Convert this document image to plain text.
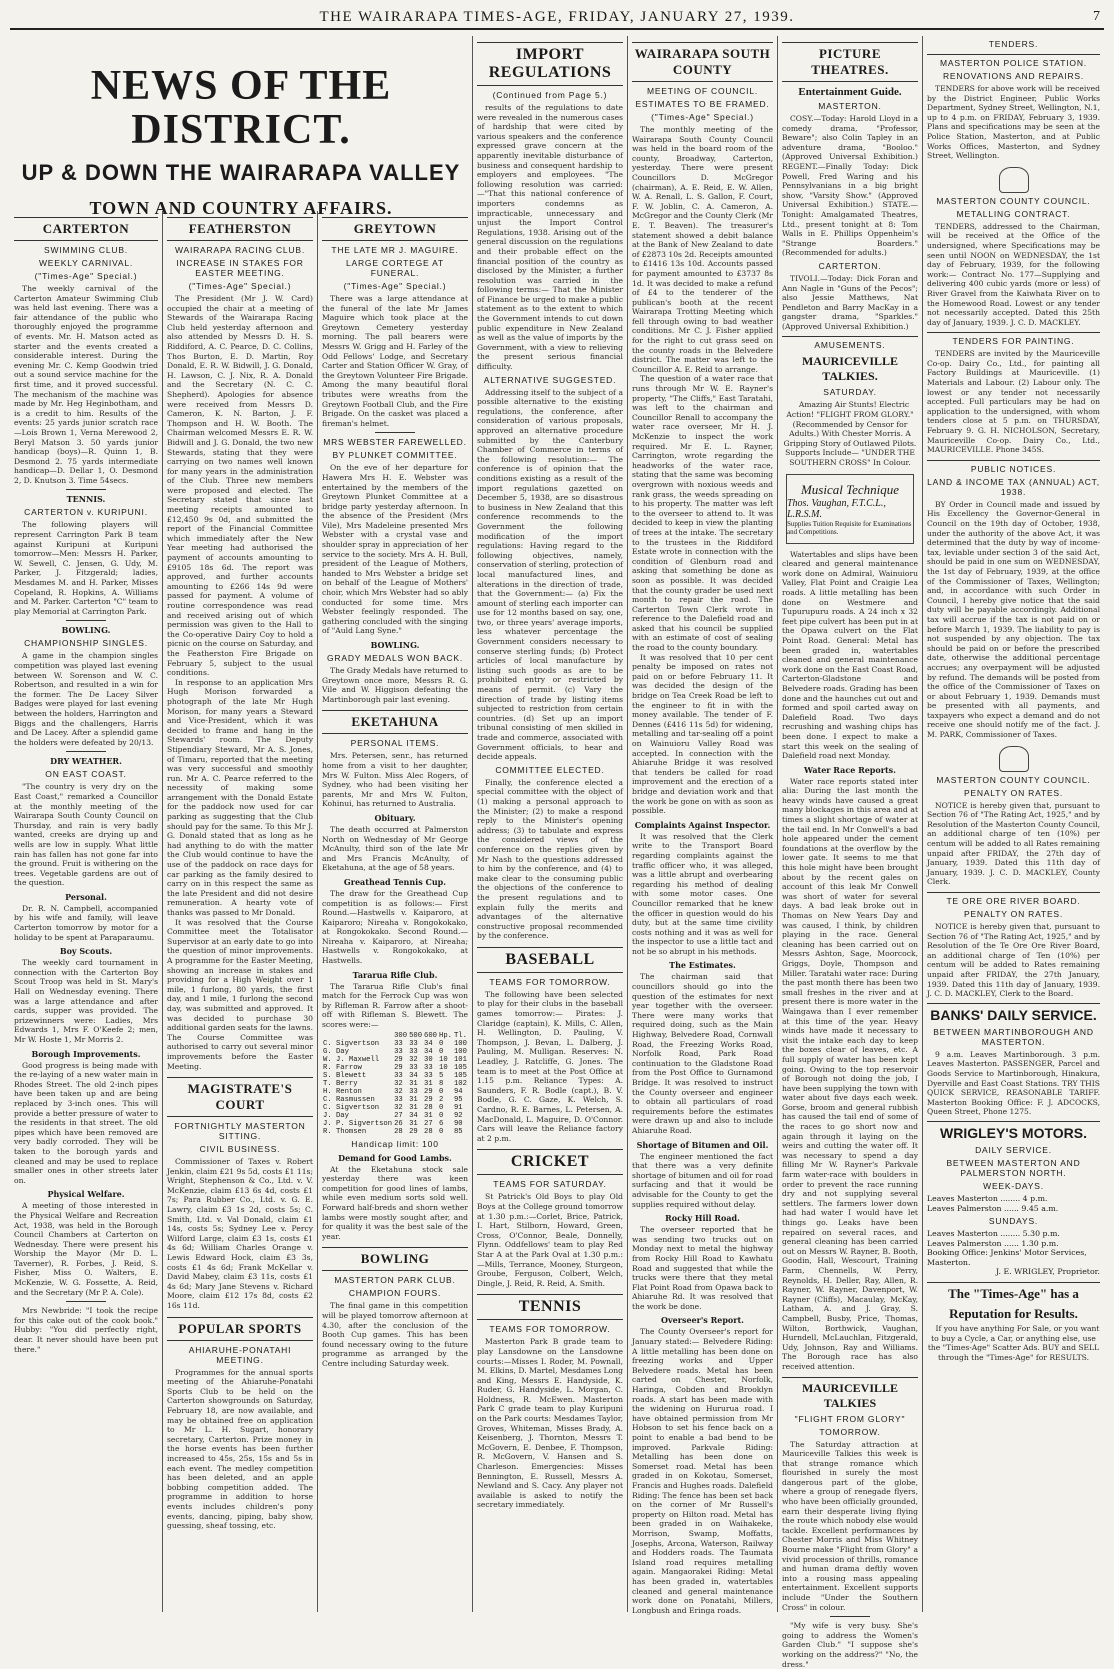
THE WAIRARAPA TIMES-AGE, FRIDAY, JANUARY 27, 1939.	7
NEWS OF THE DISTRICT.
UP & DOWN THE WAIRARAPA VALLEY
TOWN AND COUNTRY AFFAIRS.
CARTERTON
SWIMMING CLUB.
WEEKLY CARNIVAL.
("Times-Age" Special.)

The weekly carnival of the Carterton Amateur Swimming Club was held last evening. There was a fair attendance of the public who thoroughly enjoyed the programme of events. Mr. H. Matson acted as starter and the events created a considerable interest. During the evening Mr. C. Kemp Goodwin tried out a sound service machine for the first time, and it proved successful. The mechanism of the machine was made by Mr. Heg Heginbotham, and is a credit to him. Results of the events: 25 yards junior scratch race—Lois Brown 1, Verna Merewood 2, Beryl Matson 3. 50 yards junior handicap (boys)—R. Quinn 1, B. Desmond 2. 75 yards intermediate handicap—D. Dellar 1, O. Desmond 2, D. Knutson 3. Time 54secs.

TENNIS.
CARTERTON v. KURIPUNI.

The following players will represent Carrington Park B team against Kuripuni at Kuripuni tomorrow—Men: Messrs H. Parker, W. Sewell, C. Jensen, G. Udy, M. Parker, J. Fitzgerald; ladies, Mesdames M. and H. Parker, Misses Copeland, R. Hopkins, A. Williams and M. Parker. Carterton "C" team to play Memorial at Carrington Park.

BOWLING.
CHAMPIONSHIP SINGLES.

A game in the champion singles competition was played last evening between W. Sorenson and W. C. Robertson, and resulted in a win for the former. The De Lacey Silver Badges were played for last evening between the holders, Harrington and Biggs and the challengers, Harris and De Lacey. After a splendid game the holders were defeated by 20/13.

DRY WEATHER.
ON EAST COAST.

"The country is very dry on the East Coast," remarked a Councillor at the monthly meeting of the Wairarapa South County Council on Thursday, and rain is very badly wanted, creeks are drying up and wells are low in supply. What little rain has fallen has not gone far into the ground. Fruit is withering on the trees. Vegetable gardens are out of the question.

Personal.

Dr. R. N. Campbell, accompanied by his wife and family, will leave Carterton tomorrow by motor for a holiday to be spent at Paraparaumu.

Boy Scouts.

The weekly card tournament in connection with the Carterton Boy Scout Troop was held in St. Mary's Hall on Wednesday evening. There was a large attendance and after cards, supper was provided. The prizewinners were: Ladies, Mrs Edwards 1, Mrs F. O'Keefe 2; men, Mr W. Hoste 1, Mr Morris 2.

Borough Improvements.

Good progress is being made with the re-laying of a new water main in Rhodes Street. The old 2-inch pipes have been taken up and are being replaced by 3-inch ones. This will provide a better pressure of water to the residents in that street. The old pipes which have been removed are very badly corroded. They will be taken to the borough yards and cleaned and may be used to replace smaller ones in other streets later on.

Physical Welfare.

A meeting of those interested in the Physical Welfare and Recreation Act, 1938, was held in the Borough Council Chambers at Carterton on Wednesday. There were present his Worship the Mayor (Mr D. L. Taverner), R. Forbes, J. Reid, S. Fisher, Miss O. Walters, E. McKenzie, W. G. Fossette, A. Reid, and the Secretary (Mr P. A. Cole).

Mrs Newbride: "I took the recipe for this cake out of the cook book." Hubby: "You did perfectly right, dear. It never should have been put there."

FEATHERSTON
WAIRARAPA RACING CLUB.
INCREASE IN STAKES FOR EASTER MEETING.
("Times-Age" Special.)

The President (Mr J. W. Card) occupied the chair at a meeting of Stewards of the Wairarapa Racing Club held yesterday afternoon and also attended by Messrs D. H. S. Riddiford, A. C. Pearce, D. C. Collins, Thos Burton, E. D. Martin, Roy Donald, E. R. W. Bidwill, J. G. Donald, H. Lawson, C. J. Nix, R. A. Donald and the Secretary (N. C. C. Shepherd). Apologies for absence were received from Messrs D. Cameron, K. N. Barton, J. F. Thompson and H. W. Booth. The Chairman welcomed Messrs E. R. W. Bidwill and J. G. Donald, the two new Stewards, stating that they were carrying on two names well known for many years in the administration of the Club. Three new members were proposed and elected. The Secretary stated that since last meeting receipts amounted to £12,450 9s 0d, and submitted the report of the Financial Committee which immediately after the New Year meeting had authorised the payment of accounts amounting to £9105 18s 6d. The report was approved, and further accounts amounting to £266 14s 9d were passed for payment. A volume of routine correspondence was read and received arising out of which permission was given to the Hall to the Co-operative Dairy Coy to hold a picnic on the course on Saturday, and the Featherston Fire Brigade on February 5, subject to the usual conditions.

In response to an application Mrs Hugh Morison forwarded a photograph of the late Mr Hugh Morison, for many years a Steward and Vice-President, which it was decided to frame and hang in the Stewards' room. The Deputy Stipendiary Steward, Mr A. S. Jones, of Timaru, reported that the meeting was very successful and smoothly run. Mr A. C. Pearce referred to the necessity of making some arrangement with the Donald Estate for the paddock now used for car parking as suggesting that the Club should pay for the same. To this Mr J. G. Donald stated that as long as he had anything to do with the matter the Club would continue to have the use of the paddock on race days for car parking as the family desired to carry on in this respect the same as the late President and did not desire remuneration. A hearty vote of thanks was passed to Mr Donald.

It was resolved that the Course Committee meet the Totalisator Supervisor at an early date to go into the question of minor improvements. A programme for the Easter Meeting, showing an increase in stakes and providing for a High Weight over 1 mile, 1 furlong, 80 yards, the first day, and 1 mile, 1 furlong the second day, was submitted and approved. It was decided to purchase 30 additional garden seats for the lawns. The Course Committee was authorised to carry out several minor improvements before the Easter Meeting.

MAGISTRATE'S COURT
FORTNIGHTLY MASTERTON SITTING.
CIVIL BUSINESS.

Commissioner of Taxes v. Robert Jenkin, claim £21 9s 5d, costs £1 11s; Wright, Stephenson & Co., Ltd. v. V. McKenzie, claim £13 6s 4d, costs £1 7s; Para Rubber Co., Ltd. v. G. E. Lawry, claim £3 1s 2d, costs 5s; C. Smith, Ltd. v. Val Donald, claim £1 14s, costs 5s; Sydney Lee v. Percy Wilford Large, claim £3 1s, costs £1 4s 6d; William Charles Orange v. Lewis Edward Hock, claim £3 3s, costs £1 4s 6d; Frank McKellar v. David Mabey, claim £3 11s, costs £1 4s 6d; Mary Jane Stevens v. Richard Moore, claim £12 17s 8d, costs £2 16s 11d.

POPULAR SPORTS
AHIARUHE-PONATAHI MEETING.

Programmes for the annual sports meeting of the Ahiaruhe-Ponatahi Sports Club to be held on the Carterton showgrounds on Saturday, February 18, are now available, and may be obtained free on application to Mr L. H. Sugart, honorary secretary, Carterton. Prize money in the horse events has been further increased to 45s, 25s, 15s and 5s in each event. The medley competition has been deleted, and an apple bobbing competition added. The programme in addition to horse events includes children's pony events, dancing, piping, baby show, guessing, sheaf tossing, etc.

GREYTOWN
THE LATE MR J. MAGUIRE.
LARGE CORTEGE AT FUNERAL.
("Times-Age" Special.)

There was a large attendance at the funeral of the late Mr James Maguire which took place at the Greytown Cemetery yesterday morning. The pall bearers were Messrs W. Grigg and H. Farley of the Odd Fellows' Lodge, and Secretary Carter and Station Officer W. Gray, of the Greytown Volunteer Fire Brigade. Among the many beautiful floral tributes were wreaths from the Greytown Football Club, and the Fire Brigade. On the casket was placed a fireman's helmet.

MRS WEBSTER FAREWELLED.
BY PLUNKET COMMITTEE.

On the eve of her departure for Hawera Mrs H. E. Webster was entertained by the members of the Greytown Plunket Committee at a bridge party yesterday afternoon. In the absence of the President (Mrs Vile), Mrs Madeleine presented Mrs Webster with a crystal vase and shoulder spray in appreciation of her service to the society. Mrs A. H. Bull, president of the League of Mothers, handed to Mrs Webster a bridge set on behalf of the League of Mothers' choir, which Mrs Webster had so ably conducted for some time. Mrs Webster feelingly responded. The gathering concluded with the singing of "Auld Lang Syne."

BOWLING.
GRADY MEDALS WON BACK.

The Grady Medals have returned to Greytown once more, Messrs R. G. Vile and W. Higgison defeating the Martinborough pair last evening.

EKETAHUNA
PERSONAL ITEMS.

Mrs. Petersen, senr., has returned home from a visit to her daughter, Mrs W. Fulton. Miss Alec Rogers, of Sydney, who had been visiting her parents, Mr and Mrs W. Fulton, Kohinui, has returned to Australia.

Obituary.

The death occurred at Palmerston North on Wednesday of Mr George McAnulty, third son of the late Mr and Mrs Francis McAnulty, of Eketahuna, at the age of 58 years.

Greathead Tennis Cup.

The draw for the Greathead Cup competition is as follows:— First Round.—Hastwells v. Kaiparoro, at Kaiparoro; Nireaha v. Rongokokako, at Rongokokako. Second Round.—Nireaha v. Kaiparoro, at Nireaha; Hastwells v. Rongokokako, at Hastwells.

Tararua Rifle Club.

The Tararua Rifle Club's final match for the Ferrock Cup was won by Rifleman R. Farrow after a shoot-off with Rifleman S. Blewett. The scores were:—

	300	500	600	Hp.	Tl.
C. Sigvertson	33	33	34	0	100
G. Day	33	33	34	0	100
W. J. Maxwell	29	32	30	10	101
R. Farrow	29	33	33	10	105
S. Blewett	33	34	33	5	105
T. Berry	32	31	31	8	102
H. Renton	32	33	29	0	94
C. Rasmussen	33	31	29	2	95
C. Sigvertson	32	31	28	0	91
J. Day	27	34	31	0	92
J. P. Sigvertson	26	31	27	6	90
R. Thomsen	28	29	28	0	85
Handicap limit: 100
Demand for Good Lambs.

At the Eketahuna stock sale yesterday there was keen competition for good lines of lambs, while even medium sorts sold well. Forward half-breds and shorn wether lambs were mostly sought after, and for quality it was the best sale of the year.

BOWLING
MASTERTON PARK CLUB.
CHAMPION FOURS.

The final game in this competition will be played tomorrow afternoon at 4.30, after the conclusion of the Booth Cup games. This has been found necessary owing to the future programme as arranged by the Centre including Saturday week.

IMPORT REGULATIONS
(Continued from Page 5.)

results of the regulations to date were revealed in the numerous cases of hardship that were cited by various speakers and the conference expressed grave concern at the apparently inevitable disturbance of business and consequent hardship to employers and employees. "The following resolution was carried:—"That this national conference of importers condemns as impracticable, unnecessary and unjust the Import Control Regulations, 1938. Arising out of the general discussion on the regulations and their probable effect on the financial position of the country as disclosed by the Minister, a further resolution was carried in the following terms:— That the Minister of Finance be urged to make a public statement as to the extent to which the Government intends to cut down public expenditure in New Zealand as well as the value of imports by the Government, with a view to relieving the present serious financial difficulty.

ALTERNATIVE SUGGESTED.

Addressing itself to the subject of a possible alternative to the existing regulations, the conference, after consideration of various proposals, approved an alternative procedure submitted by the Canterbury Chamber of Commerce in terms of the following resolution:— The conference is of opinion that the conditions existing as a result of the import regulations gazetted on December 5, 1938, are so disastrous to business in New Zealand that this conference recommends to the Government the following modification of the import regulations: Having regard to the following objectives, namely, conservation of sterling, protection of local manufactured lines, and alterations in the direction of trade, that the Government:— (a) Fix the amount of sterling each importer can use for 12 months based on say, one, two, or three years' average imports, less whatever percentage the Government considers necessary to conserve sterling funds; (b) Protect articles of local manufacture by listing such goods as are to be prohibited entry or restricted by means of permit. (c) Vary the direction of trade by listing items subjected to restriction from certain countries. (d) Set up an import tribunal consisting of men skilled in trade and commerce, associated with Government officials, to hear and decide appeals.

COMMITTEE ELECTED.

Finally, the conference elected a special committee with the object of (1) making a personal approach to the Minister; (2) to make a respond reply to the Minister's opening address; (3) to tabulate and express the considered views of the conference on the replies given by Mr Nash to the questions addressed to him by the conference, and (4) to make clear to the consuming public the objections of the conference to the present regulations and to explain fully the merits and advantages of the alternative constructive proposal recommended by the conference.

BASEBALL
TEAMS FOR TOMORROW.

The following have been selected to play for their clubs in the baseball games tomorrow:— Pirates: J. Claridge (captain), K. Mills, C. Allen, H. Wellington, D. Pauling, V. Thompson, J. Bevan, L. Dalberg, J. Pauling, M. Mulligan. Reserves: N. Leadley, J. Ratcliffe, G. Jones. The team is to meet at the Post Office at 1.15 p.m. Reliance Types: A. Saunders, F. R. Bodle (capt.), B. V. Bodle, G. C. Gaze, K. Welch, S. Cardno, R. E. Barnes, L. Petersen, A. MacDonald, L. Maguire, D. O'Connor. Cars will leave the Reliance factory at 2 p.m.

CRICKET
TEAMS FOR SATURDAY.

St Patrick's Old Boys to play Old Boys at the College ground tomorrow at 1.30 p.m.:—Corlet, Brice, Patrick, I. Hart, Stilborn, Howard, Green, Cross, O'Connor, Beale, Donnelly, Flynn. Oddfellows' team to play Red Star A at the Park Oval at 1.30 p.m.:—Mills, Terrance, Mooney, Sturgeon, Groube, Ferguson, Colbert, Welch, Dingle, J. Reid, R. Reid, A. Smith.

TENNIS
TEAMS FOR TOMORROW.

Masterton Park B grade team to play Lansdowne on the Lansdowne courts:—Misses I. Roder, M. Pownall, M. Elkins, D. Martel, Mesdames Long and King, Messrs E. Handyside, K. Ruder, G. Handyside, L. Morgan, C. Holdness, R. McEwen. Masterton Park C grade team to play Kuripuni on the Park courts: Mesdames Taylor, Groves, Whiteman, Misses Brady, A. Keisenberg, J. Thornton, Messrs T. McGovern, E. Denbee, F. Thompson, R. McGovern, V. Hansen and S. Charleson. Emergencies: Misses Bennington, E. Russell, Messrs A. Newland and S. Cacy. Any player not available is asked to notify the secretary immediately.

WAIRARAPA SOUTH COUNTY
MEETING OF COUNCIL.
ESTIMATES TO BE FRAMED.
("Times-Age" Special.)

The monthly meeting of the Wairarapa South County Council was held in the board room of the county, Broadway, Carterton, yesterday. There were present Councillors D. McGregor (chairman), A. E. Reid, E. W. Allen, W. A. Renall, L. S. Gallon, F. Court, F. W. Joblin, C. A. Cameron, A. McGregor and the County Clerk (Mr E. T. Beaven). The treasurer's statement showed a debit balance at the Bank of New Zealand to date of £2873 10s 2d. Receipts amounted to £1416 13s 10d. Accounts passed for payment amounted to £3737 8s 1d. It was decided to make a refund of £4 to the tenderer of the publican's booth at the recent Wairarapa Trotting Meeting which fell through owing to bad weather conditions. Mr C. J. Fisher applied for the right to cut grass seed on the county roads in the Belvedere district. The matter was left to the Councillor A. E. Reid to arrange.

The question of a water race that runs through Mr W. E. Rayner's property, "The Cliffs," East Taratahi, was left to the chairman and Councillor Renall to accompany the water race overseer, Mr H. J. McKenzie to inspect the work required. Mr E. L. Rayner, Carrington, wrote regarding the headworks of the water race, stating that the same was becoming overgrown with noxious weeds and rank grass, the weeds spreading on to his property. The matter was left to the overseer to attend to. It was decided to keep in view the planting of trees at the intake. The secretary to the trustees in the Riddiford Estate wrote in connection with the condition of Glenburn road and asking that something be done as soon as possible. It was decided that the county grader be used next month to repair the road. The Carterton Town Clerk wrote in reference to the Dalefield road and asked that his council be supplied with an estimate of cost of sealing the road to the county boundary.

It was resolved that 10 per cent penalty be imposed on rates not paid on or before February 11. It was decided the design of the bridge on Tea Creek Road be left to the engineer to fit in with the money available. The tender of F. Dennes (£416 11s 5d) for widening, metalling and tar-sealing off a point on Wainuioru Valley Road was accepted. In connection with the Ahiaruhe Bridge it was resolved that tenders be called for road improvement and the erection of a bridge and deviation work and that the work be gone on with as soon as possible.

Complaints Against Inspector.

It was resolved that the Clerk write to the Transport Board regarding complaints against the traffic officer who, it was alleged, was a little abrupt and overbearing regarding his method of dealing with some motor cases. One Councillor remarked that he knew the officer in question would do his duty, but at the same time civility costs nothing and it was as well for the inspector to use a little tact and not be so abrupt in his methods.

The Estimates.

The chairman said that councillors should go into the question of the estimates for next year together with the overseer. There were many works that required doing, such as the Main Highway, Belvedere Road, Cornwall Road, the Freezing Works Road, Norfolk Road, Park Road continuation to the Gladstone Road from the Post Office to Gurnamond Bridge. It was resolved to instruct the County overseer and engineer to obtain all particulars of road requirements before the estimates were drawn up and also to include Ahiaruhe Road.

Shortage of Bitumen and Oil.

The engineer mentioned the fact that there was a very definite shortage of bitumen and oil for road surfacing and that it would be advisable for the County to get the supplies required without delay.

Rocky Hill Road.

The overseer reported that he was sending two trucks out on Monday next to metal the highway from Rocky Hill Road to Kawhatu Road and suggested that while the trucks were there that they metal Flat Point Road from Opawa back to Ahiaruhe Rd. It was resolved that the work be done.

Overseer's Report.

The County Overseer's report for January stated:— Belvedere Riding: A little metalling has been done on freezing works and Upper Belvedere roads. Metal has been carted on Chester, Norfolk, Haringa, Cobden and Brooklyn roads. A start has been made with the widening on Hururua road. I have obtained permission from Mr Hobson to set his fence back on a point to enable a bad bend to be improved. Parkvale Riding: Metalling has been done on Somerset road. Metal has been graded in on Kokotau, Somerset, Francis and Hughes roads. Dalefield Riding: The fence has been set back on the corner of Mr Russell's property on Hilton road. Metal has been graded in on Waihakeke, Morrison, Swamp, Moffatts, Josephs, Arcona, Waterson, Railway and Hodders roads. The Taumata Island road requires metalling again. Mangaorakei Riding: Metal has been graded in, watertables cleaned and general maintenance work done on Ponatahi, Millers, Longbush and Eringa roads.

PICTURE THEATRES.
Entertainment Guide.
MASTERTON.

COSY.—Today: Harold Lloyd in a comedy drama, "Professor, Beware"; also Colin Tapley in an adventure drama, "Booloo." (Approved Universal Exhibition.) REGENT.—Finally Today: Dick Powell, Fred Waring and his Pennsylvanians in a big bright show, "Varsity Show." (Approved Universal Exhibition.) STATE.—Tonight: Amalgamated Theatres, Ltd., present tonight at 8: Tom Walls in E. Phillips Oppenheim's "Strange Boarders." (Recommended for adults.)

CARTERTON.

TIVOLI.—Today: Dick Foran and Ann Nagle in "Guns of the Pecos"; also Jessie Matthews, Nat Pendleton and Barry MacKay in a gangster drama, "Sparkles." (Approved Universal Exhibition.)

AMUSEMENTS.
MAURICEVILLE TALKIES.
SATURDAY.

Amazing Air Stunts! Electric Action! "FLIGHT FROM GLORY." (Recommended by Censor for Adults.) With Chester Morris. A Gripping Story of Outlawed Pilots. Supports Include— "UNDER THE SOUTHERN CROSS" In Colour.

Musical Technique
Thos. Vaughan, F.T.C.L., L.R.S.M.
Supplies Tuition Requisite for Examinations and Competitions.

Watertables and slips have been cleared and general maintenance work done on Admiral, Wainuioru Valley, Flat Point and Craigie Lea roads. A little metalling has been done on Westmere and Tupurupuru roads. A 24 inch x 32 feet pipe culvert has been put in at the Opawa culvert on the Flat Point Road. General: Metal has been graded in, watertables cleaned and general maintenance work done on the East Coast Road, Carterton-Gladstone and Belvedere roads. Grading has been done and the haunches cut out and formed and spoil carted away on Dalefield Road. Two days recrushing and washing chips has been done. I expect to make a start this week on the sealing of Dalefield road next Monday.

Water Race Reports.

Water race reports stated inter alia: During the last month the heavy winds have caused a great many blockages in this area and at times a slight shortage of water at the tail end. In Mr Conwell's a bad hole appeared under the cement foundations at the overflow by the lower gate. It seems to me that this hole might have been brought about by the recent gales on account of this leak Mr Conwell was short of water for several days. A bad leak broke out in Thomas on New Years Day and was caused, I think, by children playing in the race. General cleaning has been carried out on Messrs Ashton, Sage, Moorcock, Griggs, Doyle, Thompson and Miller. Taratahi water race: During the past month there has been two small freshes in the river and at present there is more water in the Waingawa than I ever remember at this time of the year. Heavy winds have made it necessary to visit the intake each day to keep the boxes clear of leaves, etc. A full supply of water has been kept going. Owing to the top reservoir of Borough not doing the job, I have been supplying the town with water about five days each week. Gorse, broom and general rubbish has caused the tail end of some of the races to go short now and again through it laying on the weirs and cutting the water off. It was necessary to spend a day filling Mr W. Rayner's Parkvale farm water-race with boulders in order to prevent the race running dry and not supplying several settlers. The farmers lower down had had water I would have let things go. Leaks have been repaired on several races, and general cleaning has been carried out on Messrs W. Rayner, B. Booth, Goodin, Hall, Wescourt, Training Farm, Chennells, W. Perry, Reynolds, H. Deller, Ray, Allen, R. Rayner, W. Rayner, Davenport, W. Rayner (Cliffs), Macaulay, McKay, Latham, A. and J. Gray, S. Campbell, Busby, Price, Thomas, Wilton, Borthwick, Vaughan, Hurndell, McLauchlan, Fitzgerald, Udy, Johnson, Ray and Williams. The Borough race has also received attention.

MAURICEVILLE TALKIES
"FLIGHT FROM GLORY"
TOMORROW.

The Saturday attraction at Mauriceville Talkies this week is that strange romance which flourished in surely the most dangerous part of the globe, where a group of renegade flyers, who have been officially grounded, earn their desperate living flying the route which nobody else would tackle. Excellent performances by Chester Morris and Miss Whitney Bourne make "Flight from Glory" a vivid procession of thrills, romance and human drama deftly woven into a rousing mass appealing entertainment. Excellent supports include "Under the Southern Cross" in colour.

"My wife is very busy. She's going to address the Women's Garden Club." "I suppose she's working on the address?" "No, the dress."

TENDERS.
MASTERTON POLICE STATION.
RENOVATIONS AND REPAIRS.

TENDERS for above work will be received by the District Engineer, Public Works Department, Sydney Street, Wellington, N.1, up to 4 p.m. on FRIDAY, February 3, 1939. Plans and specifications may be seen at the Police Station, Masterton, and at Public Works Offices, Masterton, and Sydney Street, Wellington.

MASTERTON COUNTY COUNCIL.
METALLING CONTRACT.

TENDERS, addressed to the Chairman, will be received at the Office of the undersigned, where Specifications may be seen until NOON on WEDNESDAY, the 1st day of February, 1939, for the following work:— Contract No. 177—Supplying and delivering 400 cubic yards (more or less) of River Gravel from the Kaiwhata River on to the Homewood Road. Lowest or any tender not necessarily accepted. Dated this 25th day of January, 1939. J. C. D. MACKLEY.

TENDERS FOR PAINTING.

TENDERS are invited by the Mauriceville Co-op. Dairy Co., Ltd., for painting all Factory Buildings at Mauriceville. (1) Materials and Labour. (2) Labour only. The lowest or any tender not necessarily accepted. Full particulars may be had on application to the undersigned, with whom tenders close at 5 p.m. on THURSDAY, February 9. G. H. NICHOLSON, Secretary, Mauriceville Co-op. Dairy Co., Ltd., MAURICEVILLE. Phone 345S.

PUBLIC NOTICES.
LAND & INCOME TAX (ANNUAL) ACT, 1938.

BY Order in Council made and issued by His Excellency the Governor-General in Council on the 19th day of October, 1938, under the authority of the above Act, it was determined that the duty by way of income-tax, leviable under section 3 of the said Act, should be paid in one sum on WEDNESDAY, the 1st day of February, 1939, at the office of the Commissioner of Taxes, Wellington; and, in accordance with such Order in Council, I hereby give notice that the said duty will be payable accordingly. Additional tax will accrue if the tax is not paid on or before March 1, 1939. The liability to pay is not suspended by any objection. The tax should be paid on or before the prescribed date, otherwise the additional percentage accrues; any overpayment will be adjusted by refund. The demands will be posted from the office of the Commissioner of Taxes on or about February 1, 1939. Demands must be presented with all payments, and taxpayers who expect a demand and do not receive one should notify me of the fact. J. M. PARK, Commissioner of Taxes.

MASTERTON COUNTY COUNCIL.
PENALTY ON RATES.

NOTICE is hereby given that, pursuant to Section 76 of "The Rating Act, 1925," and by Resolution of the Masterton County Council, an additional charge of ten (10%) per centum will be added to all Rates remaining unpaid after FRIDAY, the 27th day of January, 1939. Dated this 11th day of January, 1939. J. C. D. MACKLEY, County Clerk.

TE ORE ORE RIVER BOARD.
PENALTY ON RATES.

NOTICE is hereby given that, pursuant to Section 76 of "The Rating Act, 1925," and by Resolution of the Te Ore Ore River Board, an additional charge of Ten (10%) per centum will be added to Rates remaining unpaid after FRIDAY, the 27th January, 1939. Dated this 11th day of January, 1939. J. C. D. MACKLEY, Clerk to the Board.

BANKS' DAILY SERVICE.
BETWEEN MARTINBOROUGH AND MASTERTON.

9 a.m. Leaves Martinborough. 3 p.m. Leaves Masterton. PASSENGER, Parcel and Goods Service to Martinborough, Hinakura, Dyerville and East Coast Stations. TRY THIS QUICK SERVICE, REASONABLE TARIFF. Masterton Booking Office: F. J. ADCOCKS, Queen Street, Phone 1275.

WRIGLEY'S MOTORS.
DAILY SERVICE.
BETWEEN MASTERTON AND PALMERSTON NORTH.
WEEK-DAYS.
Leaves Masterton ........ 4 p.m.
Leaves Palmerston ...... 9.45 a.m.
SUNDAYS.
Leaves Masterton ........ 5.30 p.m.
Leaves Palmerston ...... 1.30 p.m.
Booking Office: Jenkins' Motor Services, Masterton.
J. E. WRIGLEY, Proprietor.
The "Times-Age" has a
Reputation for Results.

If you have anything For Sale, or you want to buy a Cycle, a Car, or anything else, use the "Times-Age" Scatter Ads. BUY and SELL through the "Times-Age" for RESULTS.
